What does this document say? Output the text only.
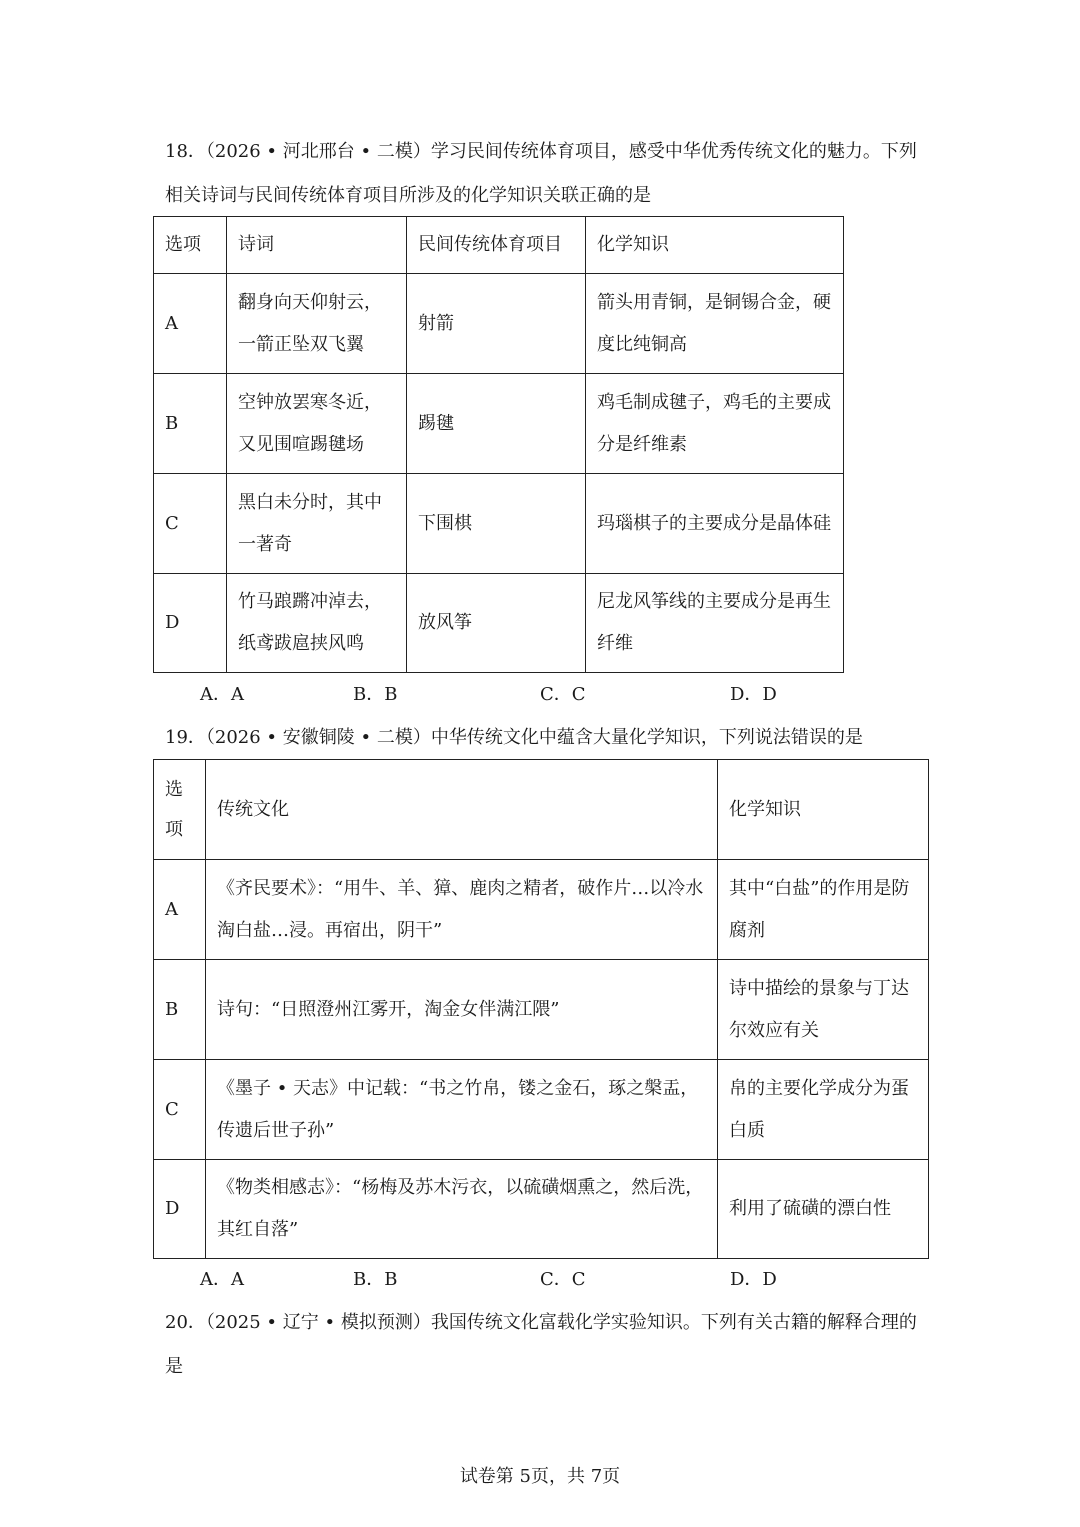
18．（2026 • 河北邢台 • 二模）学习民间传统体育项目，感受中华优秀传统文化的魅力。下列相关诗词与民间传统体育项目所涉及的化学知识关联正确的是

选项	诗词	民间传统体育项目	化学知识
A	翻身向天仰射云，一箭正坠双飞翼	射箭	箭头用青铜，是铜锡合金，硬度比纯铜高
B	空钟放罢寒冬近，又见围喧踢毽场	踢毽	鸡毛制成毽子，鸡毛的主要成分是纤维素
C	黑白未分时，其中一著奇	下围棋	玛瑙棋子的主要成分是晶体硅
D	竹马踉蹡冲淖去，纸鸢跋扈挟风鸣	放风筝	尼龙风筝线的主要成分是再生纤维
A．A	B．B	C．C	D．D

19．（2026 • 安徽铜陵 • 二模）中华传统文化中蕴含大量化学知识，下列说法错误的是

选项	传统文化	化学知识
A	《齐民要术》：“用牛、羊、獐、鹿肉之精者，破作片…以冷水淘白盐…浸。再宿出，阴干”	其中“白盐”的作用是防腐剂
B	诗句：“日照澄州江雾开，淘金女伴满江隈”	诗中描绘的景象与丁达尔效应有关
C	《墨子 • 天志》中记载：“书之竹帛，镂之金石，琢之槃盂，传遗后世子孙”	帛的主要化学成分为蛋白质
D	《物类相感志》：“杨梅及苏木污衣，以硫磺烟熏之，然后洗，其红自落”	利用了硫磺的漂白性
A．A	B．B	C．C	D．D

20．（2025 • 辽宁 • 模拟预测）我国传统文化富载化学实验知识。下列有关古籍的解释合理的是

试卷第 5页，共 7页
